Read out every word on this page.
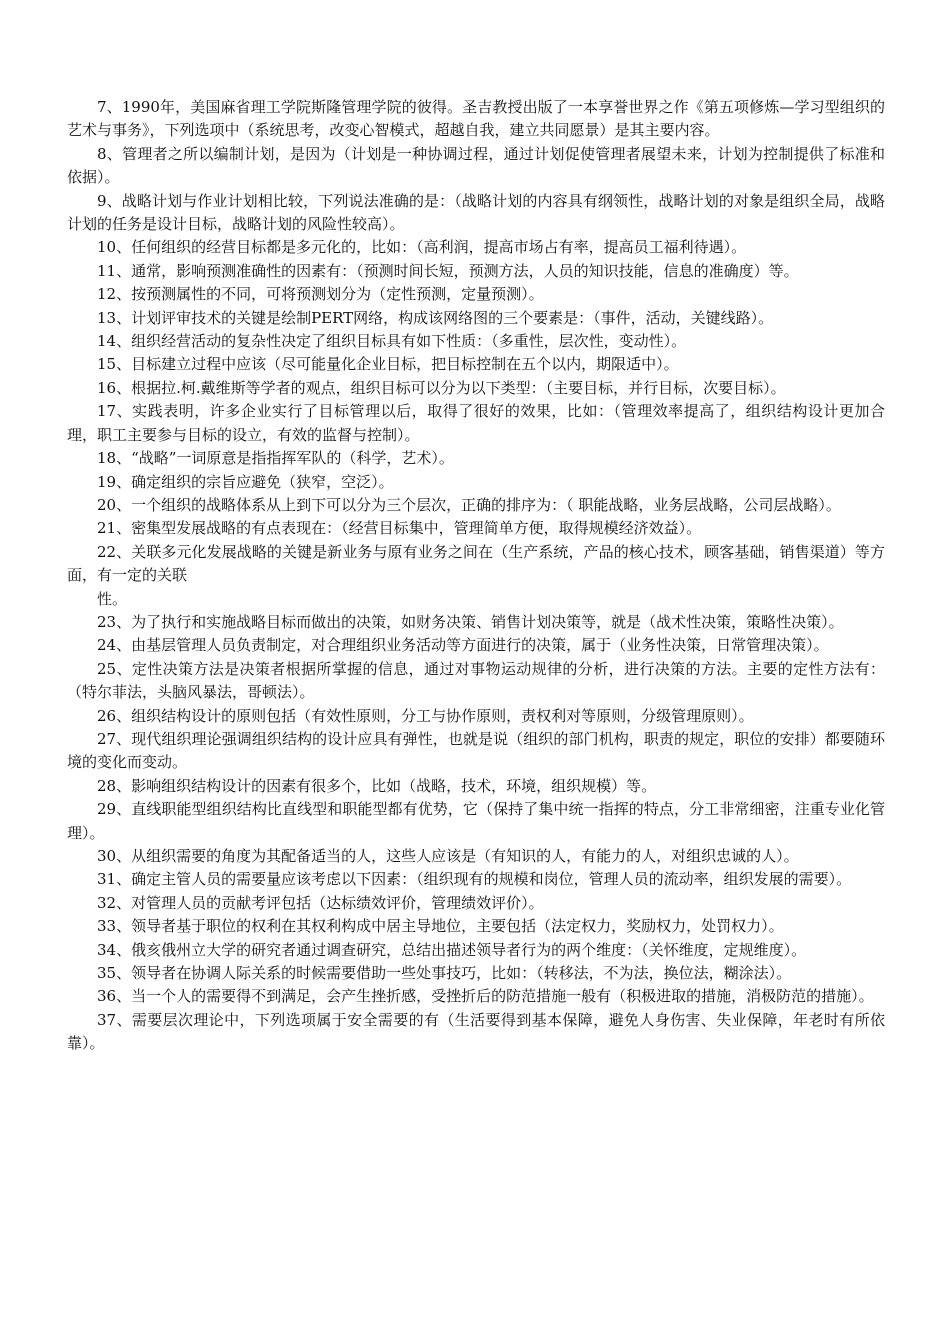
7、1990年，美国麻省理工学院斯隆管理学院的彼得。圣吉教授出版了一本享誉世界之作《第五项修炼—学习型组织的艺术与事务》，下列选项中（系统思考，改变心智模式，超越自我，建立共同愿景）是其主要内容。

8、管理者之所以编制计划，是因为（计划是一种协调过程，通过计划促使管理者展望未来，计划为控制提供了标准和依据）。

9、战略计划与作业计划相比较，下列说法准确的是：（战略计划的内容具有纲领性，战略计划的对象是组织全局，战略计划的任务是设计目标，战略计划的风险性较高）。

10、任何组织的经营目标都是多元化的，比如：（高利润，提高市场占有率，提高员工福利待遇）。

11、通常，影响预测准确性的因素有：（预测时间长短，预测方法，人员的知识技能，信息的准确度）等。

12、按预测属性的不同，可将预测划分为（定性预测，定量预测）。

13、计划评审技术的关键是绘制PERT网络，构成该网络图的三个要素是：（事件，活动，关键线路）。

14、组织经营活动的复杂性决定了组织目标具有如下性质：（多重性，层次性，变动性）。

15、目标建立过程中应该（尽可能量化企业目标，把目标控制在五个以内，期限适中）。

16、根据拉.柯.戴维斯等学者的观点，组织目标可以分为以下类型：（主要目标，并行目标，次要目标）。

17、实践表明，许多企业实行了目标管理以后，取得了很好的效果，比如：（管理效率提高了，组织结构设计更加合理，职工主要参与目标的设立，有效的监督与控制）。

18、“战略”一词原意是指指挥军队的（科学，艺术）。

19、确定组织的宗旨应避免（狭窄，空泛）。

20、一个组织的战略体系从上到下可以分为三个层次，正确的排序为：（ 职能战略，业务层战略，公司层战略）。

21、密集型发展战略的有点表现在：（经营目标集中，管理简单方便，取得规模经济效益）。

22、关联多元化发展战略的关键是新业务与原有业务之间在（生产系统，产品的核心技术，顾客基础，销售渠道）等方面，有一定的关联

性。

23、为了执行和实施战略目标而做出的决策，如财务决策、销售计划决策等，就是（战术性决策，策略性决策）。

24、由基层管理人员负责制定，对合理组织业务活动等方面进行的决策，属于（业务性决策，日常管理决策）。

25、定性决策方法是决策者根据所掌握的信息，通过对事物运动规律的分析，进行决策的方法。主要的定性方法有：（特尔菲法，头脑风暴法，哥顿法）。

26、组织结构设计的原则包括（有效性原则，分工与协作原则，责权利对等原则，分级管理原则）。

27、现代组织理论强调组织结构的设计应具有弹性，也就是说（组织的部门机构，职责的规定，职位的安排）都要随环境的变化而变动。

28、影响组织结构设计的因素有很多个，比如（战略，技术，环境，组织规模）等。

29、直线职能型组织结构比直线型和职能型都有优势，它（保持了集中统一指挥的特点，分工非常细密，注重专业化管理）。

30、从组织需要的角度为其配备适当的人，这些人应该是（有知识的人，有能力的人，对组织忠诚的人）。

31、确定主管人员的需要量应该考虑以下因素：（组织现有的规模和岗位，管理人员的流动率，组织发展的需要）。

32、对管理人员的贡献考评包括（达标绩效评价，管理绩效评价）。

33、领导者基于职位的权利在其权利构成中居主导地位，主要包括（法定权力，奖励权力，处罚权力）。

34、俄亥俄州立大学的研究者通过调查研究，总结出描述领导者行为的两个维度：（关怀维度，定规维度）。

35、领导者在协调人际关系的时候需要借助一些处事技巧，比如：（转移法，不为法，换位法，糊涂法）。

36、当一个人的需要得不到满足，会产生挫折感，受挫折后的防范措施一般有（积极进取的措施，消极防范的措施）。

37、需要层次理论中，下列选项属于安全需要的有（生活要得到基本保障，避免人身伤害、失业保障，年老时有所依靠）。
